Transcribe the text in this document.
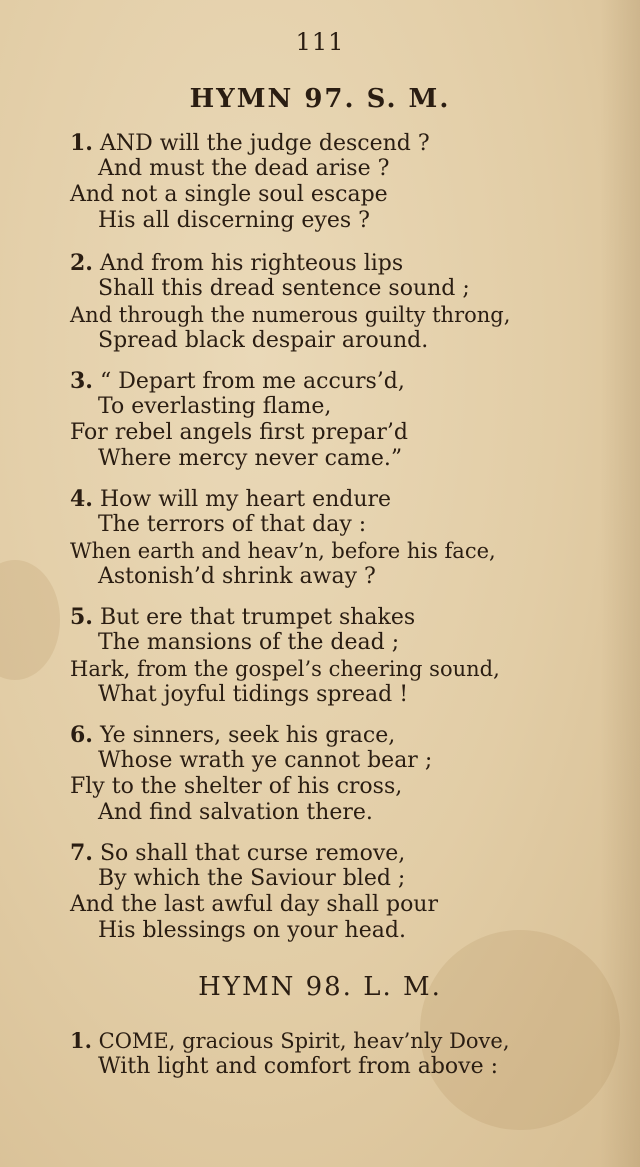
111
HYMN 97. S. M.
1. AND will the judge descend ?
And must the dead arise ?
And not a single soul escape
His all discerning eyes ?
2. And from his righteous lips
Shall this dread sentence sound ;
And through the numerous guilty throng,
Spread black despair around.
3. “ Depart from me accurs’d,
To everlasting flame,
For rebel angels first prepar’d
Where mercy never came.”
4. How will my heart endure
The terrors of that day :
When earth and heav’n, before his face,
Astonish’d shrink away ?
5. But ere that trumpet shakes
The mansions of the dead ;
Hark, from the gospel’s cheering sound,
What joyful tidings spread !
6. Ye sinners, seek his grace,
Whose wrath ye cannot bear ;
Fly to the shelter of his cross,
And find salvation there.
7. So shall that curse remove,
By which the Saviour bled ;
And the last awful day shall pour
His blessings on your head.
HYMN 98. L. M.
1. COME, gracious Spirit, heav’nly Dove,
With light and comfort from above :
